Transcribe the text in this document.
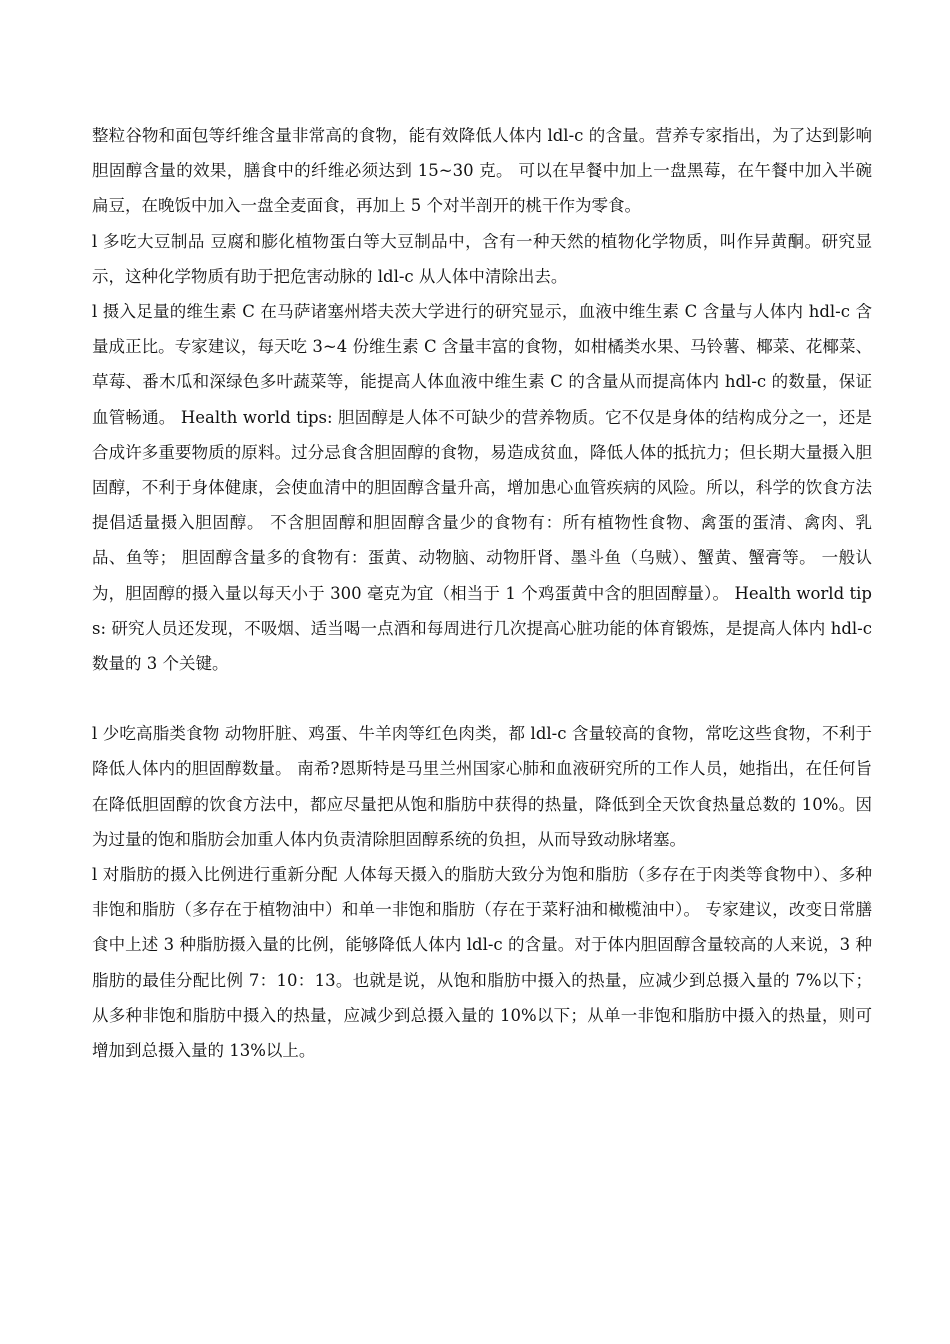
整粒谷物和面包等纤维含量非常高的食物，能有效降低人体内 ldl-c 的含量。营养专家指出，为了达到影响胆固醇含量的效果，膳食中的纤维必须达到 15~30 克。 可以在早餐中加上一盘黑莓，在午餐中加入半碗扁豆，在晚饭中加入一盘全麦面食，再加上 5 个对半剖开的桃干作为零食。

l 多吃大豆制品 豆腐和膨化植物蛋白等大豆制品中，含有一种天然的植物化学物质，叫作异黄酮。研究显示，这种化学物质有助于把危害动脉的 ldl-c 从人体中清除出去。

l 摄入足量的维生素 C 在马萨诸塞州塔夫茨大学进行的研究显示，血液中维生素 C 含量与人体内 hdl-c 含量成正比。专家建议，每天吃 3~4 份维生素 C 含量丰富的食物，如柑橘类水果、马铃薯、椰菜、花椰菜、草莓、番木瓜和深绿色多叶蔬菜等，能提高人体血液中维生素 C 的含量从而提高体内 hdl-c 的数量，保证血管畅通。 Health world tips: 胆固醇是人体不可缺少的营养物质。它不仅是身体的结构成分之一，还是合成许多重要物质的原料。过分忌食含胆固醇的食物，易造成贫血，降低人体的抵抗力；但长期大量摄入胆固醇，不利于身体健康，会使血清中的胆固醇含量升高，增加患心血管疾病的风险。所以，科学的饮食方法提倡适量摄入胆固醇。 不含胆固醇和胆固醇含量少的食物有：所有植物性食物、禽蛋的蛋清、禽肉、乳品、鱼等； 胆固醇含量多的食物有：蛋黄、动物脑、动物肝肾、墨斗鱼（乌贼）、蟹黄、蟹膏等。 一般认为，胆固醇的摄入量以每天小于 300 毫克为宜（相当于 1 个鸡蛋黄中含的胆固醇量）。 Health world tips: 研究人员还发现，不吸烟、适当喝一点酒和每周进行几次提高心脏功能的体育锻炼，是提高人体内 hdl-c 数量的 3 个关键。

l 少吃高脂类食物 动物肝脏、鸡蛋、牛羊肉等红色肉类，都 ldl-c 含量较高的食物，常吃这些食物，不利于降低人体内的胆固醇数量。 南希?恩斯特是马里兰州国家心肺和血液研究所的工作人员，她指出，在任何旨在降低胆固醇的饮食方法中，都应尽量把从饱和脂肪中获得的热量，降低到全天饮食热量总数的 10%。因为过量的饱和脂肪会加重人体内负责清除胆固醇系统的负担，从而导致动脉堵塞。

l 对脂肪的摄入比例进行重新分配 人体每天摄入的脂肪大致分为饱和脂肪（多存在于肉类等食物中）、多种非饱和脂肪（多存在于植物油中）和单一非饱和脂肪（存在于菜籽油和橄榄油中）。 专家建议，改变日常膳食中上述 3 种脂肪摄入量的比例，能够降低人体内 ldl-c 的含量。对于体内胆固醇含量较高的人来说，3 种脂肪的最佳分配比例 7：10：13。也就是说，从饱和脂肪中摄入的热量，应减少到总摄入量的 7%以下；从多种非饱和脂肪中摄入的热量，应减少到总摄入量的 10%以下；从单一非饱和脂肪中摄入的热量，则可增加到总摄入量的 13%以上。
